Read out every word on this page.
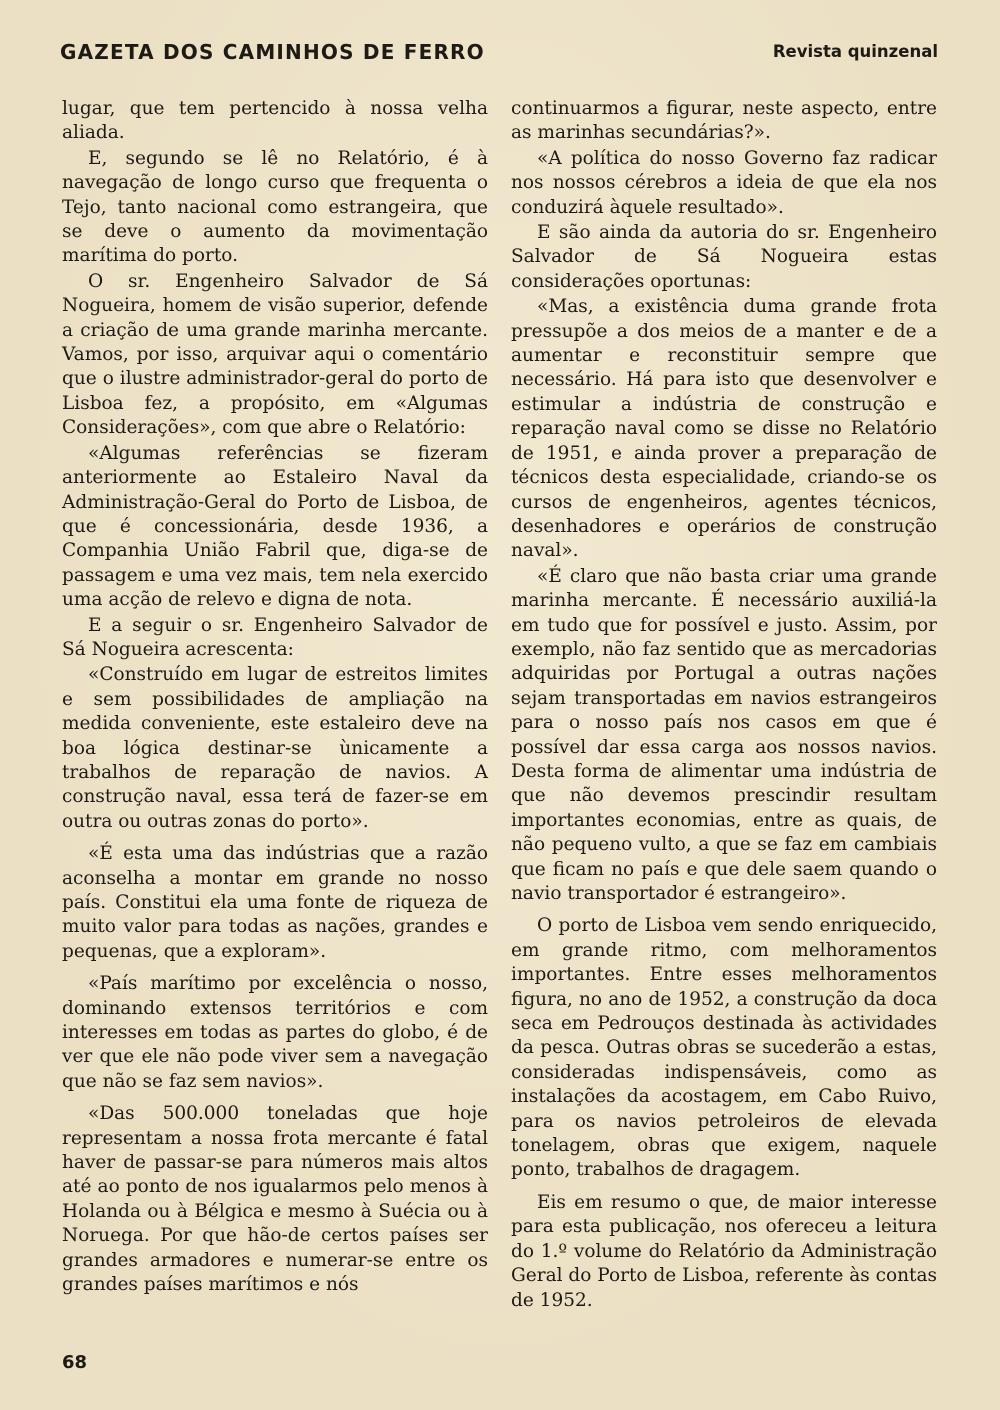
GAZETA DOS CAMINHOS DE FERRO	Revista quinzenal

lugar, que tem pertencido à nossa velha aliada.

E, segundo se lê no Relatório, é à navegação de longo curso que frequenta o Tejo, tanto nacional como estrangeira, que se deve o aumento da movimentação marítima do porto.

O sr. Engenheiro Salvador de Sá Nogueira, homem de visão superior, defende a criação de uma grande marinha mercante. Vamos, por isso, arquivar aqui o comentário que o ilustre administrador-geral do porto de Lisboa fez, a propósito, em «Algumas Considerações», com que abre o Relatório:

«Algumas referências se fizeram anteriormente ao Estaleiro Naval da Administração-Geral do Porto de Lisboa, de que é concessionária, desde 1936, a Companhia União Fabril que, diga-se de passagem e uma vez mais, tem nela exercido uma acção de relevo e digna de nota.

E a seguir o sr. Engenheiro Salvador de Sá Nogueira acrescenta:

«Construído em lugar de estreitos limites e sem possibilidades de ampliação na medida conveniente, este estaleiro deve na boa lógica destinar-se ùnicamente a trabalhos de reparação de navios. A construção naval, essa terá de fazer-se em outra ou outras zonas do porto».

«É esta uma das indústrias que a razão aconselha a montar em grande no nosso país. Constitui ela uma fonte de riqueza de muito valor para todas as nações, grandes e pequenas, que a exploram».

«País marítimo por excelência o nosso, dominando extensos territórios e com interesses em todas as partes do globo, é de ver que ele não pode viver sem a navegação que não se faz sem navios».

«Das 500.000 toneladas que hoje representam a nossa frota mercante é fatal haver de passar-se para números mais altos até ao ponto de nos igualarmos pelo menos à Holanda ou à Bélgica e mesmo à Suécia ou à Noruega. Por que hão-de certos países ser grandes armadores e numerar-se entre os grandes países marítimos e nós

continuarmos a figurar, neste aspecto, entre as marinhas secundárias?».

«A política do nosso Governo faz radicar nos nossos cérebros a ideia de que ela nos conduzirá àquele resultado».

E são ainda da autoria do sr. Engenheiro Salvador de Sá Nogueira estas considerações oportunas:

«Mas, a existência duma grande frota pressupõe a dos meios de a manter e de a aumentar e reconstituir sempre que necessário. Há para isto que desenvolver e estimular a indústria de construção e reparação naval como se disse no Relatório de 1951, e ainda prover a preparação de técnicos desta especialidade, criando-se os cursos de engenheiros, agentes técnicos, desenhadores e operários de construção naval».

«É claro que não basta criar uma grande marinha mercante. É necessário auxiliá-la em tudo que for possível e justo. Assim, por exemplo, não faz sentido que as mercadorias adquiridas por Portugal a outras nações sejam transportadas em navios estrangeiros para o nosso país nos casos em que é possível dar essa carga aos nossos navios. Desta forma de alimentar uma indústria de que não devemos prescindir resultam importantes economias, entre as quais, de não pequeno vulto, a que se faz em cambiais que ficam no país e que dele saem quando o navio transportador é estrangeiro».

O porto de Lisboa vem sendo enriquecido, em grande ritmo, com melhoramentos importantes. Entre esses melhoramentos figura, no ano de 1952, a construção da doca seca em Pedrouços destinada às actividades da pesca. Outras obras se sucederão a estas, consideradas indispensáveis, como as instalações da acostagem, em Cabo Ruivo, para os navios petroleiros de elevada tonelagem, obras que exigem, naquele ponto, trabalhos de dragagem.

Eis em resumo o que, de maior interesse para esta publicação, nos ofereceu a leitura do 1.º volume do Relatório da Administração Geral do Porto de Lisboa, referente às contas de 1952.

68
